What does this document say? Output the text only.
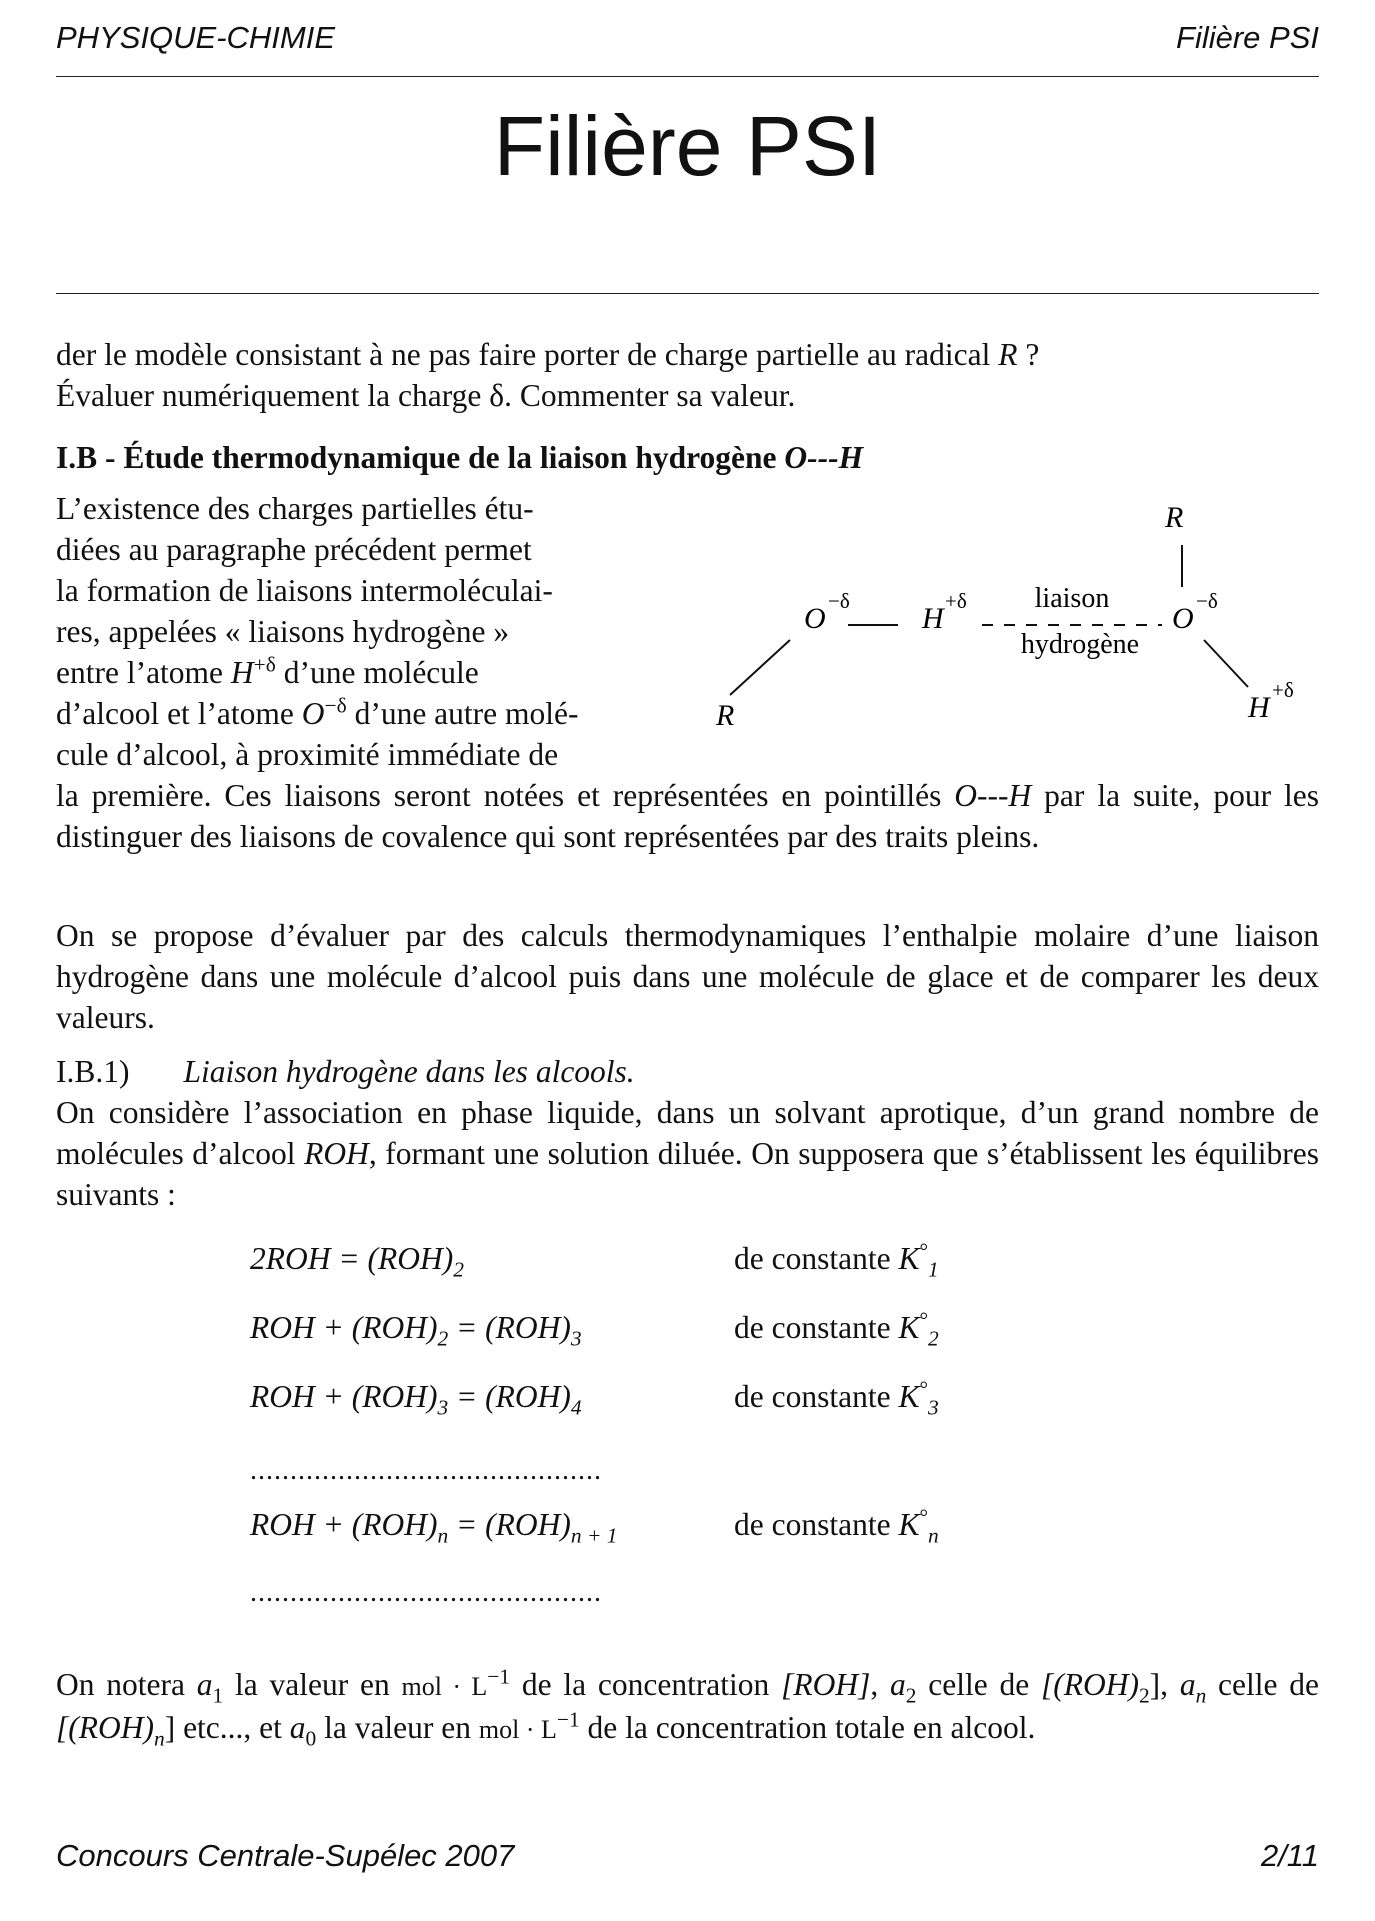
PHYSIQUE-CHIMIE	Filière PSI
Filière PSI

der le modèle consistant à ne pas faire porter de charge partielle au radical R ?

Évaluer numériquement la charge δ. Commenter sa valeur.

I.B - Étude thermodynamique de la liaison hydrogène O---H

L’existence des charges partielles étu-

diées au paragraphe précédent permet

la formation de liaisons intermoléculai-

res, appelées « liaisons hydrogène »

entre l’atome $H^{+\delta}$ d’une molécule

d’alcool et l’atome $O^{-\delta}$ d’une autre molé-

cule d’alcool, à proximité immédiate de

la première. Ces liaisons seront notées et représentées en pointillés O---H par la suite, pour les distinguer des liaisons de covalence qui sont représentées par des traits pleins.

R
O
−δ
H
+δ liaison
hydrogène
O
−δ
R
H
+δ

On se propose d’évaluer par des calculs thermodynamiques l’enthalpie molaire d’une liaison hydrogène dans une molécule d’alcool puis dans une molécule de glace et de comparer les deux valeurs.

I.B.1) Liaison hydrogène dans les alcools.

On considère l’association en phase liquide, dans un solvant aprotique, d’un grand nombre de molécules d’alcool ROH, formant une solution diluée. On supposera que s’établissent les équilibres suivants :

$2ROH = (ROH)_2$	de constante $K^\circ_1$
ROH + $(ROH)_2 = (ROH)_3$	de constante $K^\circ_2$
ROH + $(ROH)_3 = (ROH)_4$	de constante $K^\circ_3$
............................................
ROH + $(ROH)_n = (ROH)_{n + 1}$	de constante $K^\circ_n$
............................................

On notera $a_1$ la valeur en mol · $L^{-1}$ de la concentration [ROH], $a_2$ celle de $[(ROH)_2]$, $a_n$ celle de $[(ROH)_n]$ etc..., et $a_0$ la valeur en mol · $L^{-1}$ de la concentration totale en alcool.

Concours Centrale-Supélec 2007	2/11
